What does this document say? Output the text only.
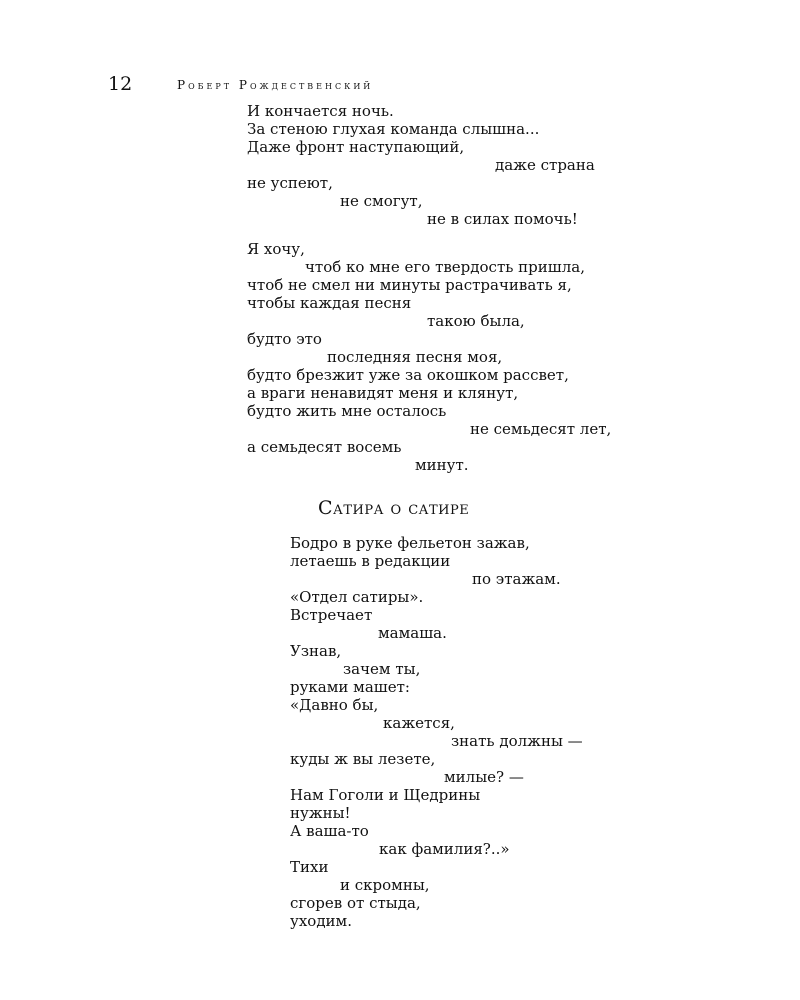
12	Роберт Рождественский
И кончается ночь.
За стеною глухая команда слышна...
Даже фронт наступающий,
даже страна
не успеют,
не смогут,
не в силах помочь!
Я хочу,
чтоб ко мне его твердость пришла,
чтоб не смел ни минуты растрачивать я,
чтобы каждая песня
такою была,
будто это
последняя песня моя,
будто брезжит уже за окошком рассвет,
а враги ненавидят меня и клянут,
будто жить мне осталось
не семьдесят лет,
а семьдесят восемь
минут.
Сатира о сатире
Бодро в руке фельетон зажав,
летаешь в редакции
по этажам.
«Отдел сатиры».
Встречает
мамаша.
Узнав,
зачем ты,
руками машет:
«Давно бы,
кажется,
знать должны —
куды ж вы лезете,
милые? —
Нам Гоголи и Щедрины
нужны!
А ваша-то
как фамилия?..»
Тихи
и скромны,
сгорев от стыда,
уходим.
